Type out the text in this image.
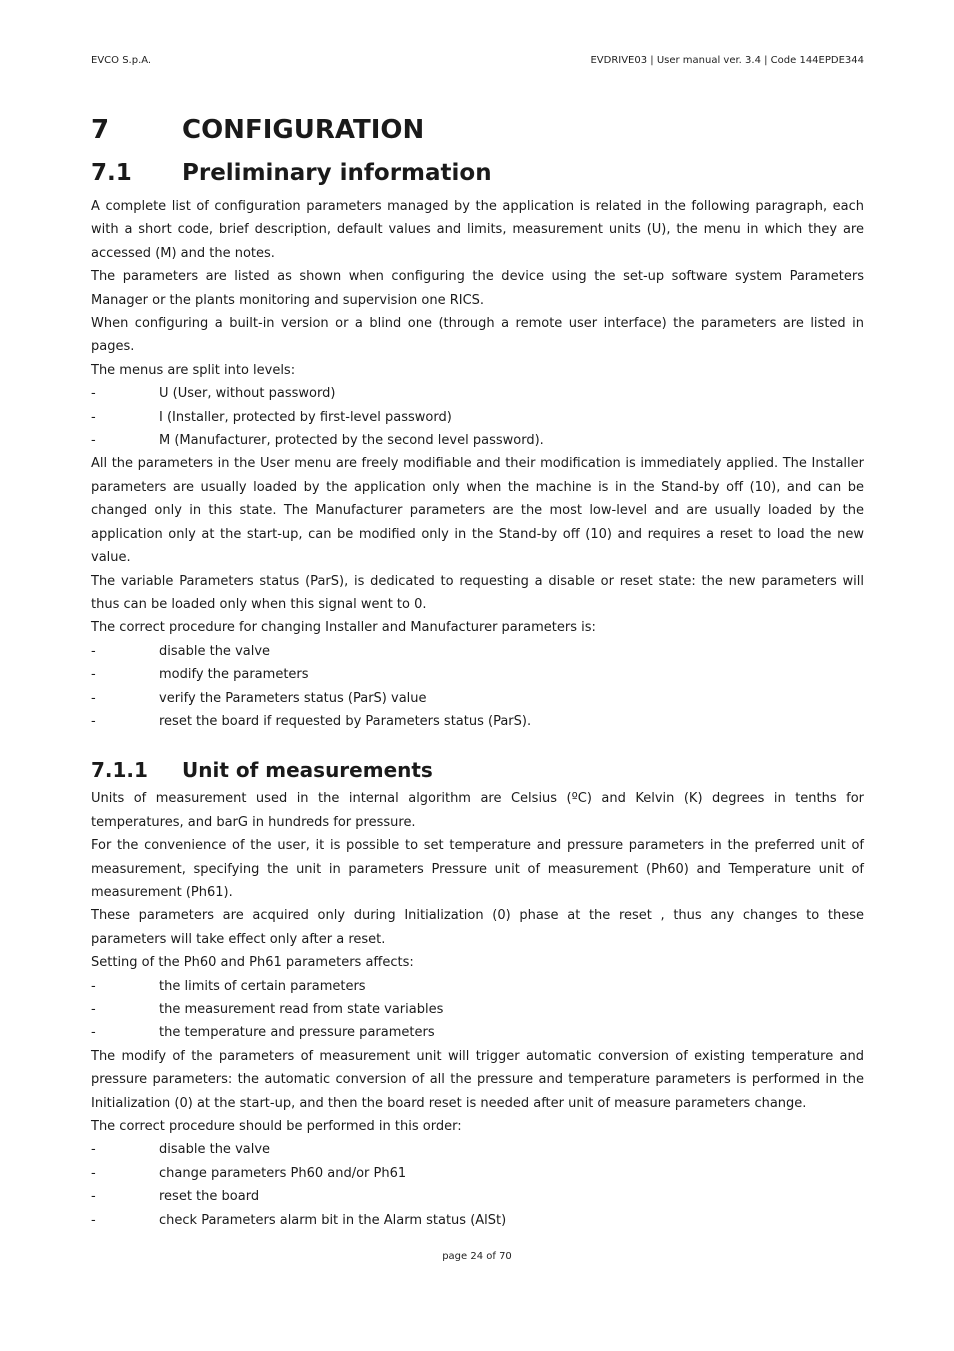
EVCO S.p.A.	EVDRIVE03 | User manual ver. 3.4 | Code 144EPDE344
7	CONFIGURATION
7.1	Preliminary information

A complete list of configuration parameters managed by the application is related in the following paragraph, each with a short code, brief description, default values and limits, measurement units (U), the menu in which they are accessed (M) and the notes.

The parameters are listed as shown when configuring the device using the set-up software system Parameters Manager or the plants monitoring and supervision one RICS.

When configuring a built-in version or a blind one (through a remote user interface) the parameters are listed in pages.

The menus are split into levels:

-	U (User, without password)
-	I (Installer, protected by first-level password)
-	M (Manufacturer, protected by the second level password).

All the parameters in the User menu are freely modifiable and their modification is immediately applied. The Installer parameters are usually loaded by the application only when the machine is in the Stand-by off (10), and can be changed only in this state. The Manufacturer parameters are the most low-level and are usually loaded by the application only at the start-up, can be modified only in the Stand-by off (10) and requires a reset to load the new value.

The variable Parameters status (ParS), is dedicated to requesting a disable or reset state: the new parameters will thus can be loaded only when this signal went to 0.

The correct procedure for changing Installer and Manufacturer parameters is:

-	disable the valve
-	modify the parameters
-	verify the Parameters status (ParS) value
-	reset the board if requested by Parameters status (ParS).
7.1.1	Unit of measurements

Units of measurement used in the internal algorithm are Celsius (ºC) and Kelvin (K) degrees in tenths for temperatures, and barG in hundreds for pressure.

For the convenience of the user, it is possible to set temperature and pressure parameters in the preferred unit of measurement, specifying the unit in parameters Pressure unit of measurement (Ph60) and Temperature unit of measurement (Ph61).

These parameters are acquired only during Initialization (0) phase at the reset , thus any changes to these parameters will take effect only after a reset.

Setting of the Ph60 and Ph61 parameters affects:

-	the limits of certain parameters
-	the measurement read from state variables
-	the temperature and pressure parameters

The modify of the parameters of measurement unit will trigger automatic conversion of existing temperature and pressure parameters: the automatic conversion of all the pressure and temperature parameters is performed in the Initialization (0) at the start-up, and then the board reset is needed after unit of measure parameters change.

The correct procedure should be performed in this order:

-	disable the valve
-	change parameters Ph60 and/or Ph61
-	reset the board
-	check Parameters alarm bit in the Alarm status (AlSt)
page 24 of 70
